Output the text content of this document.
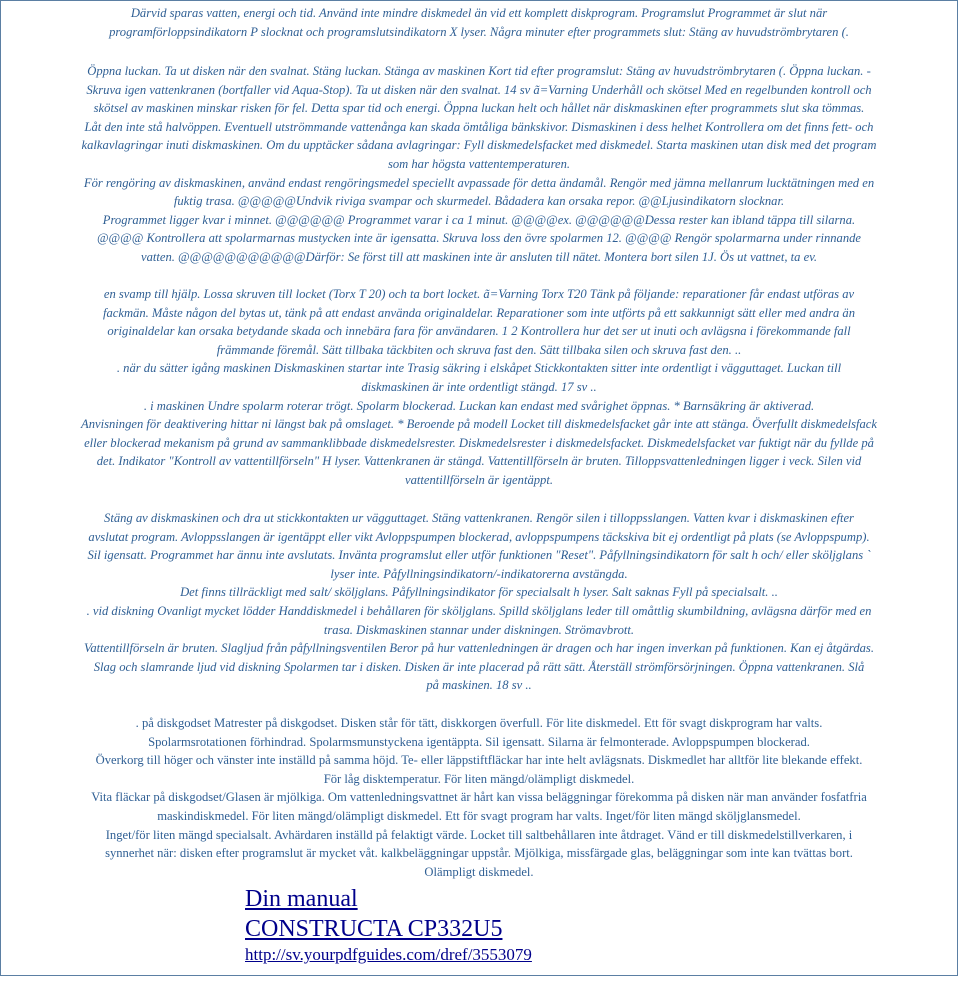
Därvid sparas vatten, energi och tid. Använd inte mindre diskmedel än vid ett komplett diskprogram. Programslut Programmet är slut när

programförloppsindikatorn P slocknat och programslutsindikatorn X lyser. Några minuter efter programmets slut: Stäng av huvudströmbrytaren (.

Öppna luckan. Ta ut disken när den svalnat. Stäng luckan. Stänga av maskinen Kort tid efter programslut: Stäng av huvudströmbrytaren (. Öppna luckan. -

Skruva igen vattenkranen (bortfaller vid Aqua-Stop). Ta ut disken när den svalnat. 14 sv ã=Varning Underhåll och skötsel Med en regelbunden kontroll och

skötsel av maskinen minskar risken för fel. Detta spar tid och energi. Öppna luckan helt och hållet när diskmaskinen efter programmets slut ska tömmas.

Låt den inte stå halvöppen. Eventuell utströmmande vattenånga kan skada ömtåliga bänkskivor. Dismaskinen i dess helhet Kontrollera om det finns fett- och

kalkavlagringar inuti diskmaskinen. Om du upptäcker sådana avlagringar: Fyll diskmedelsfacket med diskmedel. Starta maskinen utan disk med det program

som har högsta vattentemperaturen.

För rengöring av diskmaskinen, använd endast rengöringsmedel speciellt avpassade för detta ändamål. Rengör med jämna mellanrum lucktätningen med en

fuktig trasa. @@@@@Undvik riviga svampar och skurmedel. Bådadera kan orsaka repor. @@Ljusindikatorn slocknar.

Programmet ligger kvar i minnet. @@@@@@ Programmet varar i ca 1 minut. @@@@ex. @@@@@@Dessa rester kan ibland täppa till silarna.

@@@@ Kontrollera att spolarmarnas mustycken inte är igensatta. Skruva loss den övre spolarmen 12. @@@@ Rengör spolarmarna under rinnande

vatten. @@@@@@@@@@@Därför: Se först till att maskinen inte är ansluten till nätet. Montera bort silen 1J. Ös ut vattnet, ta ev.

en svamp till hjälp. Lossa skruven till locket (Torx T 20) och ta bort locket. ã=Varning Torx T20 Tänk på följande: reparationer får endast utföras av

fackmän. Måste någon del bytas ut, tänk på att endast använda originaldelar. Reparationer som inte utförts på ett sakkunnigt sätt eller med andra än

originaldelar kan orsaka betydande skada och innebära fara för användaren. 1 2 Kontrollera hur det ser ut inuti och avlägsna i förekommande fall

främmande föremål. Sätt tillbaka täckbiten och skruva fast den. Sätt tillbaka silen och skruva fast den. ..

. när du sätter igång maskinen Diskmaskinen startar inte Trasig säkring i elskåpet Stickkontakten sitter inte ordentligt i vägguttaget. Luckan till

diskmaskinen är inte ordentligt stängd. 17 sv ..

. i maskinen Undre spolarm roterar trögt. Spolarm blockerad. Luckan kan endast med svårighet öppnas. * Barnsäkring är aktiverad.

Anvisningen för deaktivering hittar ni längst bak på omslaget. * Beroende på modell Locket till diskmedelsfacket går inte att stänga. Överfullt diskmedelsfack

eller blockerad mekanism på grund av sammanklibbade diskmedelsrester. Diskmedelsrester i diskmedelsfacket. Diskmedelsfacket var fuktigt när du fyllde på

det. Indikator "Kontroll av vattentillförseln" H lyser. Vattenkranen är stängd. Vattentillförseln är bruten. Tilloppsvattenledningen ligger i veck. Silen vid

vattentillförseln är igentäppt.

Stäng av diskmaskinen och dra ut stickkontakten ur vägguttaget. Stäng vattenkranen. Rengör silen i tilloppsslangen. Vatten kvar i diskmaskinen efter

avslutat program. Avloppsslangen är igentäppt eller vikt Avloppspumpen blockerad, avloppspumpens täckskiva bit ej ordentligt på plats (se Avloppspump).

Sil igensatt. Programmet har ännu inte avslutats. Invänta programslut eller utför funktionen "Reset". Påfyllningsindikatorn för salt h och/ eller sköljglans `

lyser inte. Påfyllningsindikatorn/-indikatorerna avstängda.

Det finns tillräckligt med salt/ sköljglans. Påfyllningsindikator för specialsalt h lyser. Salt saknas Fyll på specialsalt. ..

. vid diskning Ovanligt mycket lödder Handdiskmedel i behållaren för sköljglans. Spilld sköljglans leder till omåttlig skumbildning, avlägsna därför med en

trasa. Diskmaskinen stannar under diskningen. Strömavbrott.

Vattentillförseln är bruten. Slagljud från påfyllningsventilen Beror på hur vattenledningen är dragen och har ingen inverkan på funktionen. Kan ej åtgärdas.

Slag och slamrande ljud vid diskning Spolarmen tar i disken. Disken är inte placerad på rätt sätt. Återställ strömförsörjningen. Öppna vattenkranen. Slå

på maskinen. 18 sv ..

. på diskgodset Matrester på diskgodset. Disken står för tätt, diskkorgen överfull. För lite diskmedel. Ett för svagt diskprogram har valts.

Spolarmsrotationen förhindrad. Spolarmsmunstyckena igentäppta. Sil igensatt. Silarna är felmonterade. Avloppspumpen blockerad.

Överkorg till höger och vänster inte inställd på samma höjd. Te- eller läppstiftfläckar har inte helt avlägsnats. Diskmedlet har alltför lite blekande effekt.

För låg disktemperatur. För liten mängd/olämpligt diskmedel.

Vita fläckar på diskgodset/Glasen är mjölkiga. Om vattenledningsvattnet är hårt kan vissa beläggningar förekomma på disken när man använder fosfatfria

maskindiskmedel. För liten mängd/olämpligt diskmedel. Ett för svagt program har valts. Inget/för liten mängd sköljglansmedel.

Inget/för liten mängd specialsalt. Avhärdaren inställd på felaktigt värde. Locket till saltbehållaren inte åtdraget. Vänd er till diskmedelstillverkaren, i

synnerhet när: disken efter programslut är mycket våt. kalkbeläggningar uppstår. Mjölkiga, missfärgade glas, beläggningar som inte kan tvättas bort.

Olämpligt diskmedel.

Din manual
CONSTRUCTA CP332U5
http://sv.yourpdfguides.com/dref/3553079
